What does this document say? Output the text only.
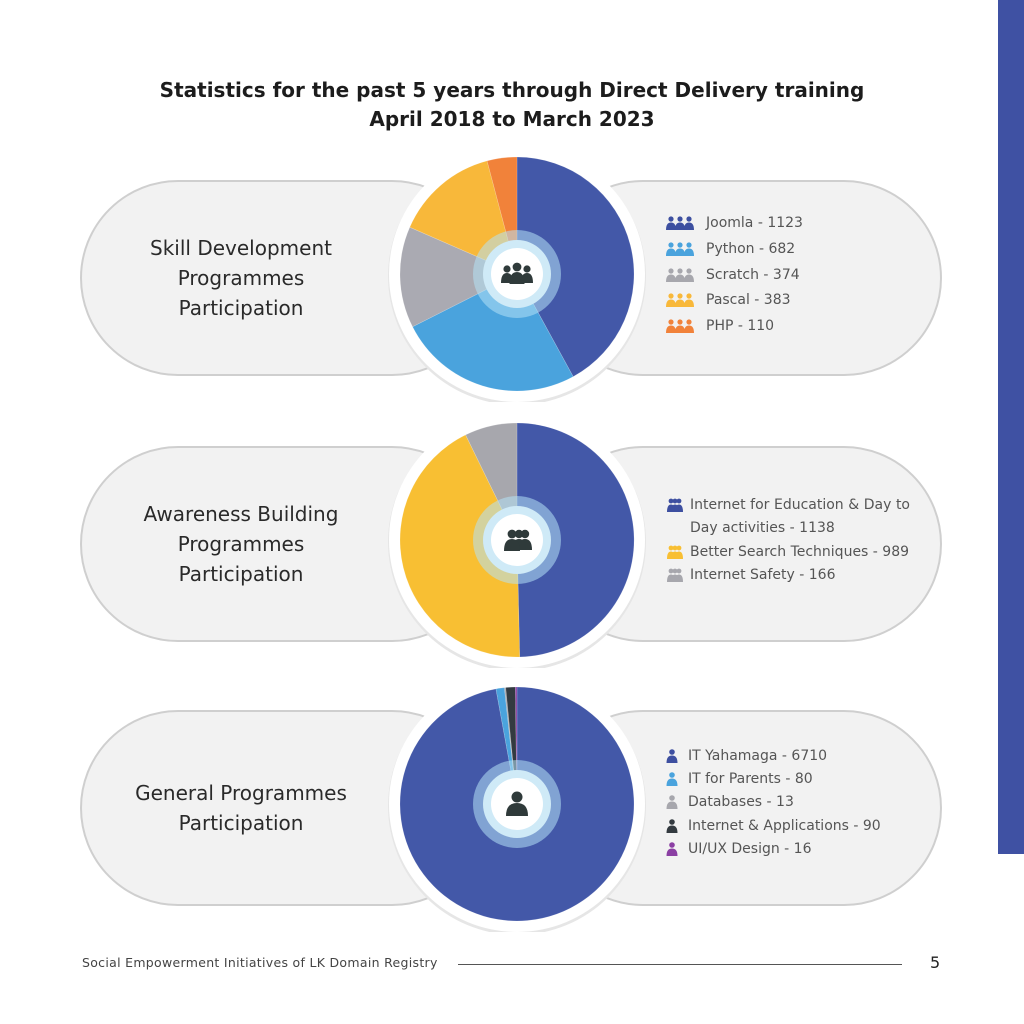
Statistics for the past 5 years through Direct Delivery training
April 2018 to March 2023
Skill Development
Programmes
Participation
Joomla - 1123
Python - 682
Scratch - 374
Pascal - 383
PHP - 110
Awareness Building
Programmes
Participation
Internet for Education & Day to Day activities - 1138
Better Search Techniques - 989
Internet Safety - 166
General Programmes
Participation
IT Yahamaga - 6710
IT for Parents - 80
Databases - 13
Internet & Applications - 90
UI/UX Design - 16
Social Empowerment Initiatives of LK Domain Registry	5
